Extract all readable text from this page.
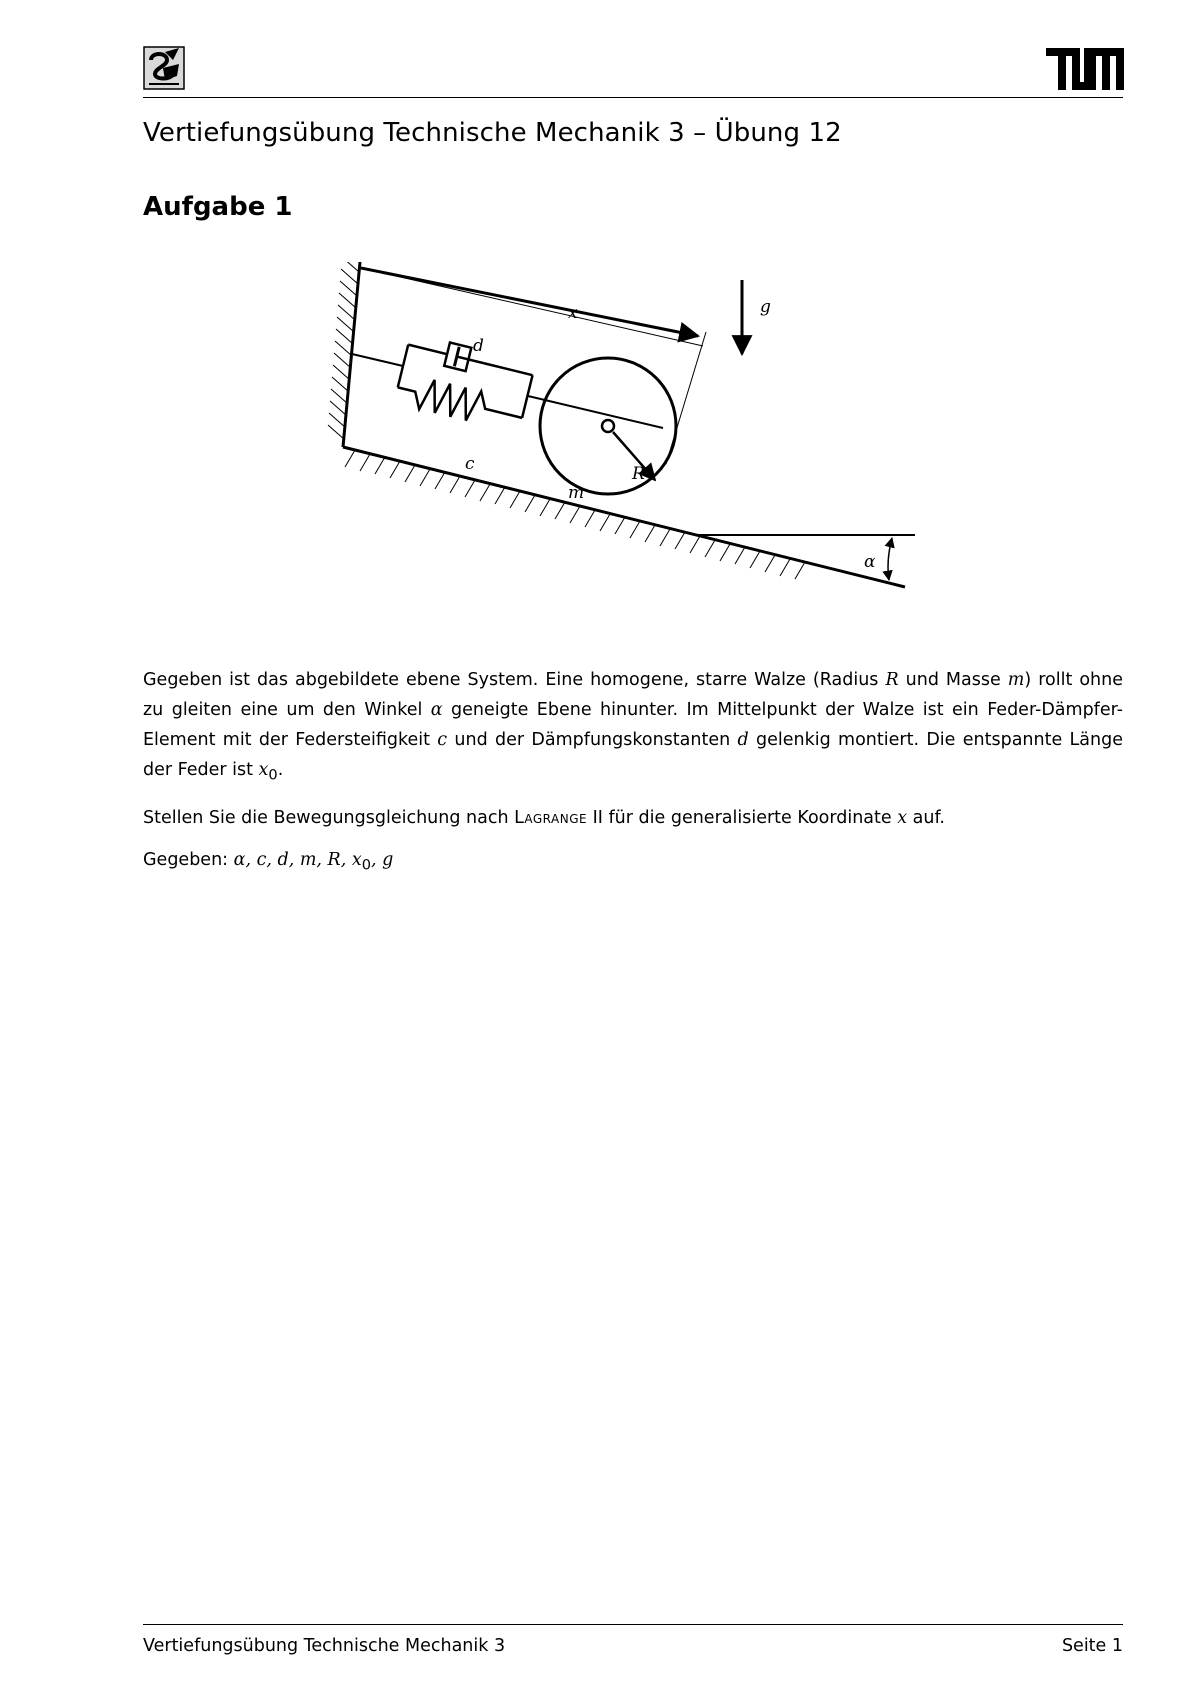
Vertiefungsübung Technische Mechanik 3 – Übung 12
Aufgabe 1
x	g
d
c	R
m
α

Gegeben ist das abgebildete ebene System. Eine homogene, starre Walze (Radius R und Masse m) rollt ohne zu gleiten eine um den Winkel α geneigte Ebene hinunter. Im Mittelpunkt der Walze ist ein Feder-Dämpfer-Element mit der Federsteifigkeit c und der Dämpfungskonstanten d gelenkig montiert. Die entspannte Länge der Feder ist $x_0$.

Stellen Sie die Bewegungsgleichung nach Lagrange II für die generalisierte Koordinate x auf.

Gegeben: α, c, d, m, R, $x_0$, g

Vertiefungsübung Technische Mechanik 3	Seite 1
